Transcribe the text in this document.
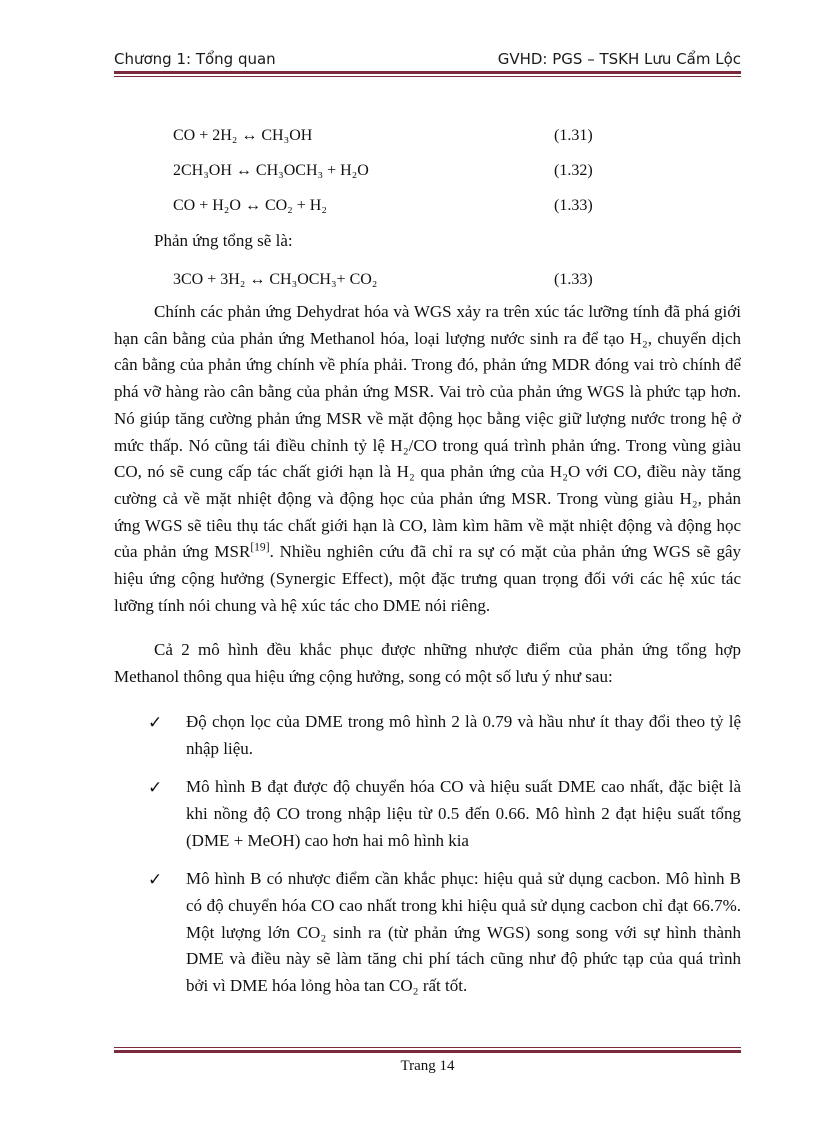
Chương 1: Tổng quan	GVHD: PGS – TSKH Lưu Cẩm Lộc
CO + 2H₂ ↔ CH₃OH	(1.31)
2CH₃OH ↔ CH₃OCH₃ + H₂O	(1.32)
CO + H₂O ↔ CO₂ + H₂	(1.33)
Phản ứng tổng sẽ là:
3CO + 3H₂ ↔ CH₃OCH₃+ CO₂	(1.33)

Chính các phản ứng Dehydrat hóa và WGS xảy ra trên xúc tác lưỡng tính đã phá giới hạn cân bằng của phản ứng Methanol hóa, loại lượng nước sinh ra để tạo H₂, chuyển dịch cân bằng của phản ứng chính về phía phải. Trong đó, phản ứng MDR đóng vai trò chính để phá vỡ hàng rào cân bằng của phản ứng MSR. Vai trò của phản ứng WGS là phức tạp hơn. Nó giúp tăng cường phản ứng MSR về mặt động học bằng việc giữ lượng nước trong hệ ở mức thấp. Nó cũng tái điều chỉnh tỷ lệ H₂/CO trong quá trình phản ứng. Trong vùng giàu CO, nó sẽ cung cấp tác chất giới hạn là H₂ qua phản ứng của H₂O với CO, điều này tăng cường cả về mặt nhiệt động và động học của phản ứng MSR. Trong vùng giàu H₂, phản ứng WGS sẽ tiêu thụ tác chất giới hạn là CO, làm kìm hãm về mặt nhiệt động và động học của phản ứng MSR[19]. Nhiều nghiên cứu đã chỉ ra sự có mặt của phản ứng WGS sẽ gây hiệu ứng cộng hưởng (Synergic Effect), một đặc trưng quan trọng đối với các hệ xúc tác lưỡng tính nói chung và hệ xúc tác cho DME nói riêng.

Cả 2 mô hình đều khắc phục được những nhược điểm của phản ứng tổng hợp Methanol thông qua hiệu ứng cộng hưởng, song có một số lưu ý như sau:

✓ Độ chọn lọc của DME trong mô hình 2 là 0.79 và hầu như ít thay đổi theo tỷ lệ nhập liệu.
✓ Mô hình B đạt được độ chuyển hóa CO và hiệu suất DME cao nhất, đặc biệt là khi nồng độ CO trong nhập liệu từ 0.5 đến 0.66. Mô hình 2 đạt hiệu suất tổng (DME + MeOH) cao hơn hai mô hình kia
✓ Mô hình B có nhược điểm cần khắc phục: hiệu quả sử dụng cacbon. Mô hình B có độ chuyển hóa CO cao nhất trong khi hiệu quả sử dụng cacbon chỉ đạt 66.7%. Một lượng lớn CO₂ sinh ra (từ phản ứng WGS) song song với sự hình thành DME và điều này sẽ làm tăng chi phí tách cũng như độ phức tạp của quá trình bởi vì DME hóa lỏng hòa tan CO₂ rất tốt.
Trang 14
